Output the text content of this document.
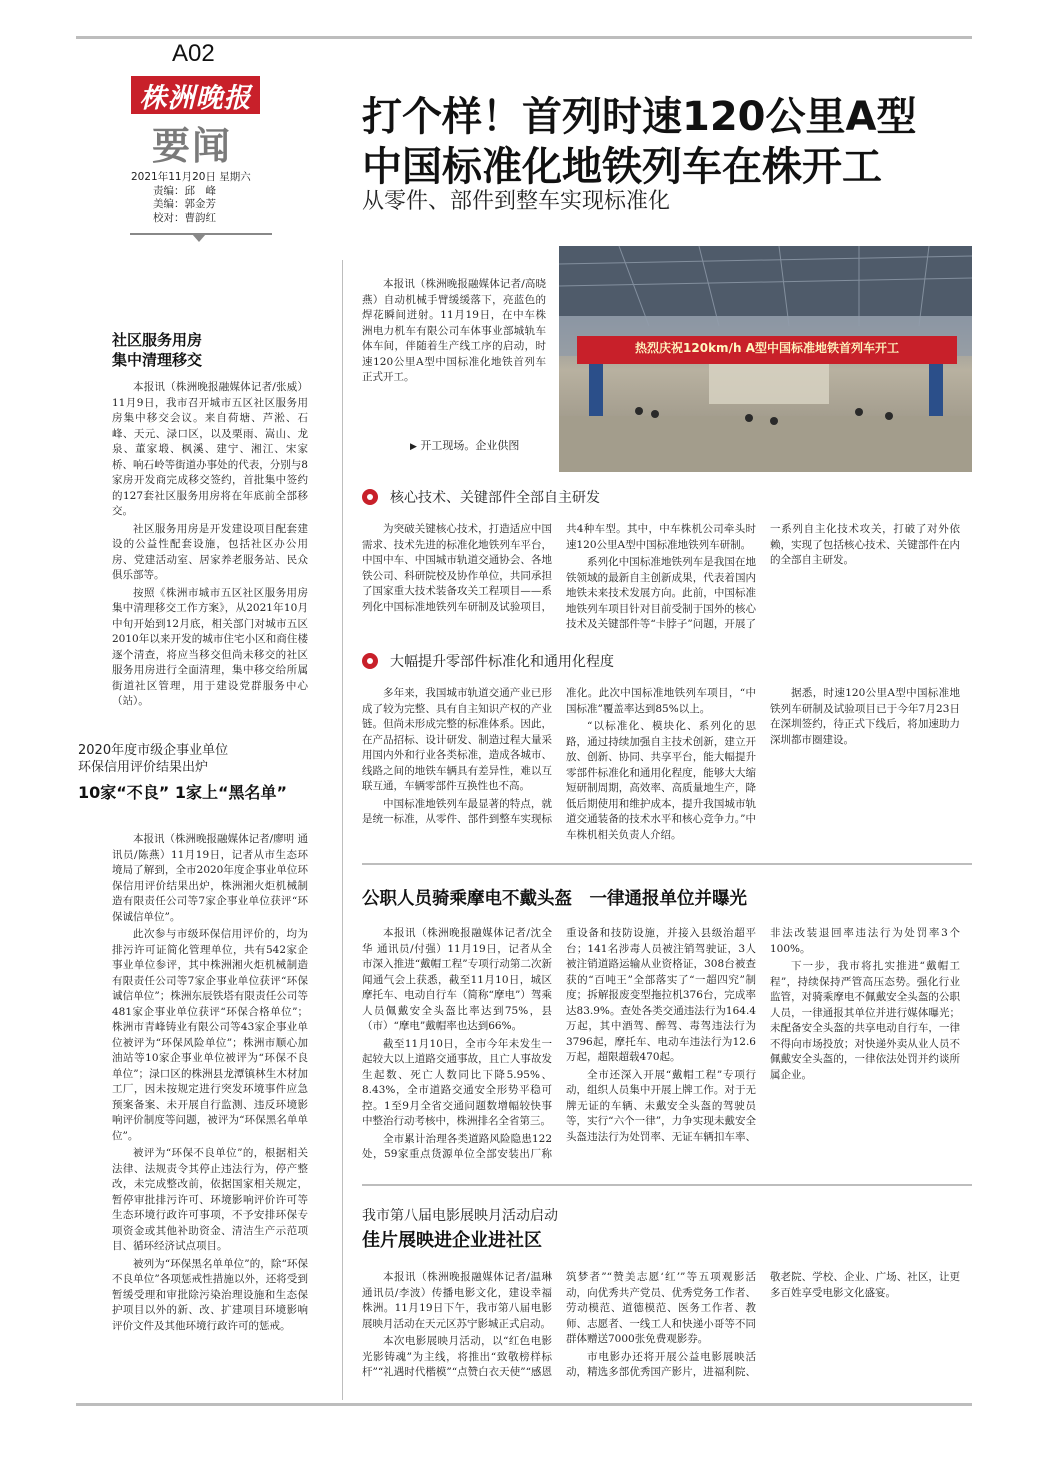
A02
株洲晚报
要闻
2021年11月20日 星期六
责编：邱　峰
美编：郭金芳
校对：曹韵红
打个样！首列时速120公里A型
中国标准化地铁列车在株开工
从零件、部件到整车实现标准化

本报讯（株洲晚报融媒体记者/高晓燕）自动机械手臂缓缓落下，亮蓝色的焊花瞬间迸射。11月19日，在中车株洲电力机车有限公司车体事业部城轨车体车间，伴随着生产线工序的启动，时速120公里A型中国标准化地铁首列车正式开工。

▶ 开工现场。企业供图
热烈庆祝120km/h A型中国标准地铁首列车开工
核心技术、关键部件全部自主研发

为突破关键核心技术，打造适应中国需求、技术先进的标准化地铁列车平台，中国中车、中国城市轨道交通协会、各地铁公司、科研院校及协作单位，共同承担了国家重大技术装备攻关工程项目——系列化中国标准地铁列车研制及试验项目，共4种车型。其中，中车株机公司牵头时速120公里A型中国标准地铁列车研制。

系列化中国标准地铁列车是我国在地铁领域的最新自主创新成果，代表着国内地铁未来技术发展方向。此前，中国标准地铁列车项目针对目前受制于国外的核心技术及关键部件等“卡脖子”问题，开展了一系列自主化技术攻关，打破了对外依赖，实现了包括核心技术、关键部件在内的全部自主研发。

大幅提升零部件标准化和通用化程度

多年来，我国城市轨道交通产业已形成了较为完整、具有自主知识产权的产业链。但尚未形成完整的标准体系。因此，在产品招标、设计研发、制造过程大量采用国内外和行业各类标准，造成各城市、线路之间的地铁车辆具有差异性，难以互联互通，车辆零部件互换性也不高。

中国标准地铁列车最显著的特点，就是统一标准，从零件、部件到整车实现标准化。此次中国标准地铁列车项目，“中国标准”覆盖率达到85%以上。

“以标准化、模块化、系列化的思路，通过持续加强自主技术创新，建立开放、创新、协同、共享平台，能大幅提升零部件标准化和通用化程度，能够大大缩短研制周期，高效率、高质量地生产，降低后期使用和维护成本，提升我国城市轨道交通装备的技术水平和核心竞争力。”中车株机相关负责人介绍。

据悉，时速120公里A型中国标准地铁列车研制及试验项目已于今年7月23日在深圳签约，待正式下线后，将加速助力深圳都市圈建设。

社区服务用房
集中清理移交

本报讯（株洲晚报融媒体记者/张威）11月9日，我市召开城市五区社区服务用房集中移交会议。来自荷塘、芦淞、石峰、天元、渌口区，以及栗雨、嵩山、龙泉、董家塅、枫溪、建宁、湘江、宋家桥、响石岭等街道办事处的代表，分别与8家房开发商完成移交签约，首批集中签约的127套社区服务用房将在年底前全部移交。

社区服务用房是开发建设项目配套建设的公益性配套设施，包括社区办公用房、党建活动室、居家养老服务站、民众俱乐部等。

按照《株洲市城市五区社区服务用房集中清理移交工作方案》，从2021年10月中旬开始到12月底，相关部门对城市五区2010年以来开发的城市住宅小区和商住楼逐个清查，将应当移交但尚未移交的社区服务用房进行全面清理，集中移交给所属街道社区管理，用于建设党群服务中心（站）。

2020年度市级企事业单位
环保信用评价结果出炉
10家“不良” 1家上“黑名单”

本报讯（株洲晚报融媒体记者/廖明 通讯员/陈燕）11月19日，记者从市生态环境局了解到，全市2020年度企事业单位环保信用评价结果出炉，株洲湘火炬机械制造有限责任公司等7家企事业单位获评“环保诚信单位”。

此次参与市级环保信用评价的，均为排污许可证简化管理单位，共有542家企事业单位参评，其中株洲湘火炬机械制造有限责任公司等7家企事业单位获评“环保诚信单位”；株洲东辰铁塔有限责任公司等481家企事业单位获评“环保合格单位”；株洲市青峰铸业有限公司等43家企事业单位被评为“环保风险单位”；株洲市顺心加油站等10家企事业单位被评为“环保不良单位”；渌口区的株洲县龙潭镇林生木材加工厂，因未按规定进行突发环境事件应急预案备案、未开展自行监测、违反环境影响评价制度等问题，被评为“环保黑名单单位”。

被评为“环保不良单位”的，根据相关法律、法规责令其停止违法行为，停产整改，未完成整改前，依据国家相关规定，暂停审批排污许可、环境影响评价许可等生态环境行政许可事项，不予安排环保专项资金或其他补助资金、清洁生产示范项目、循环经济试点项目。

被列为“环保黑名单单位”的，除“环保不良单位”各项惩戒性措施以外，还将受到暂缓受理和审批除污染治理设施和生态保护项目以外的新、改、扩建项目环境影响评价文件及其他环境行政许可的惩戒。

公职人员骑乘摩电不戴头盔　一律通报单位并曝光

本报讯（株洲晚报融媒体记者/沈全华 通讯员/付强）11月19日，记者从全市深入推进“戴帽工程”专项行动第二次新闻通气会上获悉，截至11月10日，城区摩托车、电动自行车（简称“摩电”）驾乘人员佩戴安全头盔比率达到75%，县（市）“摩电”戴帽率也达到66%。

截至11月10日，全市今年未发生一起较大以上道路交通事故，且亡人事故发生起数、死亡人数同比下降5.95%、8.43%，全市道路交通安全形势平稳可控。1至9月全省交通问题数增幅较快事中整治行动考核中，株洲排名全省第三。

全市累计治理各类道路风险隐患122处，59家重点货源单位全部安装出厂称重设备和技防设施，并接入县级治超平台；141名涉毒人员被注销驾驶证，3人被注销道路运输从业资格证，308台被查获的“百吨王”全部落实了“一超四究”制度；拆解报废变型拖拉机376台，完成率达83.9%。查处各类交通违法行为164.4万起，其中酒驾、醉驾、毒驾违法行为3796起，摩托车、电动车违法行为12.6万起，超限超载470起。

全市还深入开展“戴帽工程”专项行动，组织人员集中开展上牌工作。对于无牌无证的车辆、未戴安全头盔的驾驶员等，实行“六个一律”，力争实现未戴安全头盔违法行为处罚率、无证车辆扣车率、非法改装退回率违法行为处罚率3个100%。

下一步，我市将扎实推进“戴帽工程”，持续保持严管高压态势。强化行业监管，对骑乘摩电不佩戴安全头盔的公职人员，一律通报其单位并进行媒体曝光；未配备安全头盔的共享电动自行车，一律不得向市场投放；对快递外卖从业人员不佩戴安全头盔的，一律依法处罚并约谈所属企业。

我市第八届电影展映月活动启动
佳片展映进企业进社区

本报讯（株洲晚报融媒体记者/温琳 通讯员/李波）传播电影文化，建设幸福株洲。11月19日下午，我市第八届电影展映月活动在天元区苏宁影城正式启动。

本次电影展映月活动，以“红色电影 光影铸魂”为主线，将推出“致敬榜样标杆”“礼遇时代楷模”“点赞白衣天使”“感恩筑梦者”“赞美志愿‘红’”等五项观影活动，向优秀共产党员、优秀党务工作者、劳动模范、道德模范、医务工作者、教师、志愿者、一线工人和快递小哥等不同群体赠送7000张免费观影券。

市电影办还将开展公益电影展映活动，精选多部优秀国产影片，进福利院、敬老院、学校、企业、广场、社区，让更多百姓享受电影文化盛宴。
